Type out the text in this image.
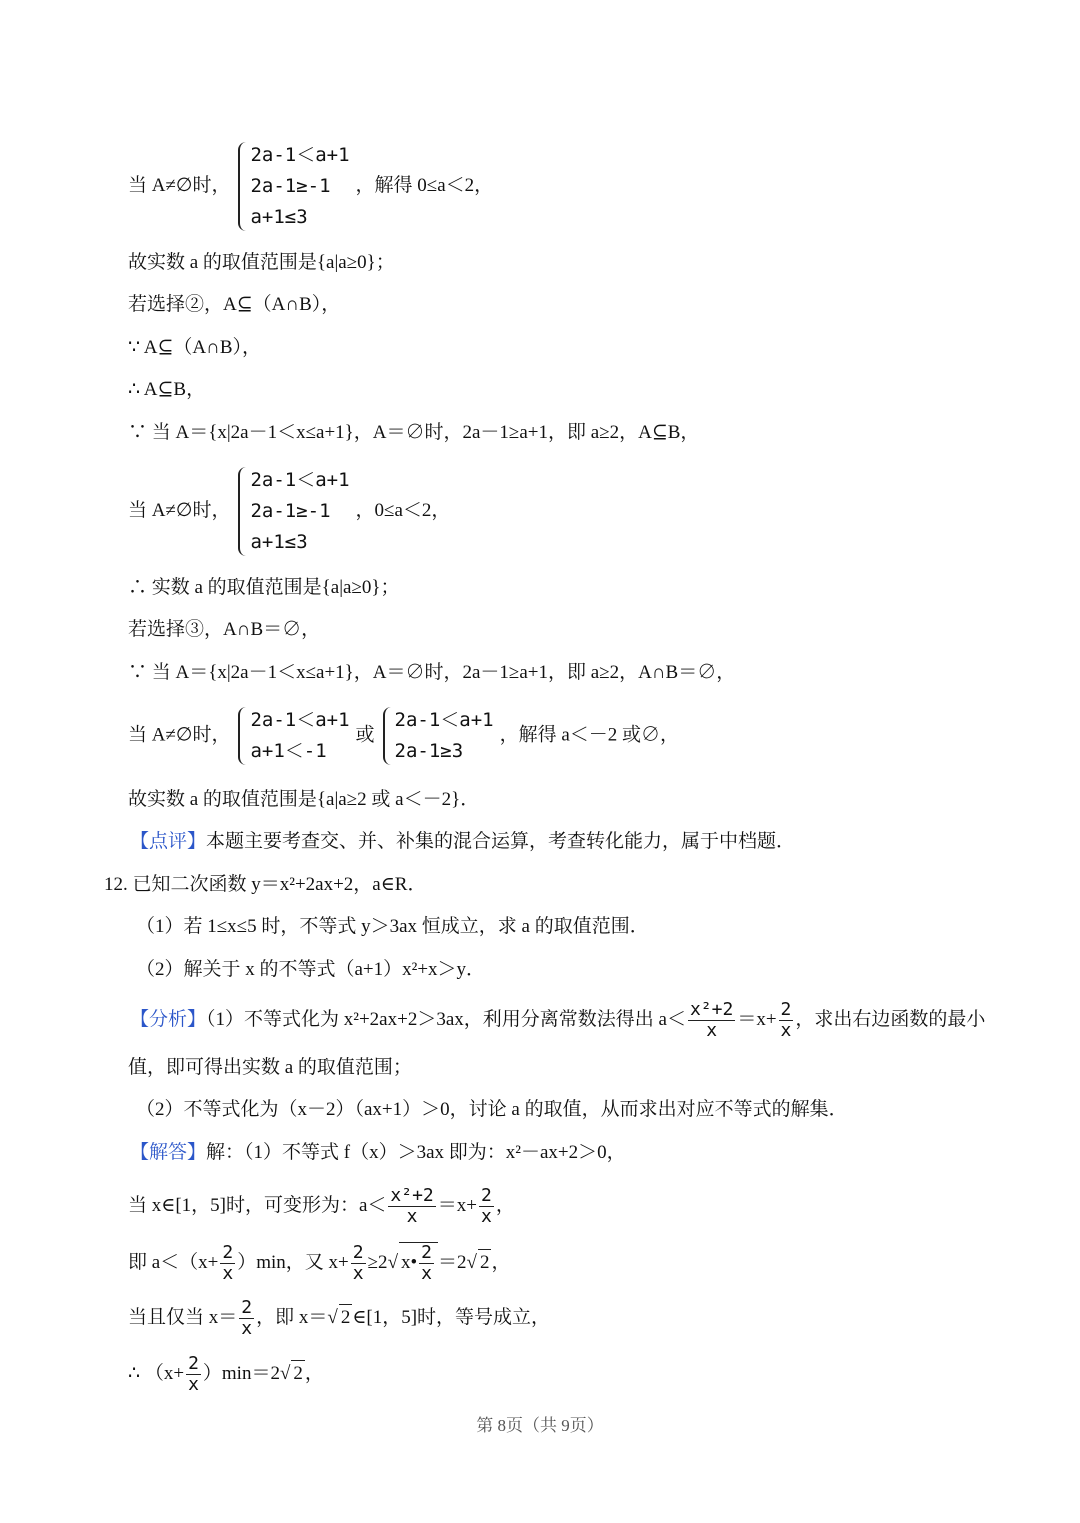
当 A≠∅时，
2a-1＜a+1
2a-1≥-1
a+1≤3
，解得 0≤a＜2，
故实数 a 的取值范围是{a|a≥0}；
若选择②，A⊆（A∩B），
∵ A⊆（A∩B），
∴ A⊆B，
∵ 当 A＝{x|2a－1＜x≤a+1}，A＝∅时，2a－1≥a+1，即 a≥2，A⊆B，
当 A≠∅时，
2a-1＜a+1
2a-1≥-1
a+1≤3
，0≤a＜2，
∴ 实数 a 的取值范围是{a|a≥0}；
若选择③，A∩B＝∅，
∵ 当 A＝{x|2a－1＜x≤a+1}，A＝∅时，2a－1≥a+1，即 a≥2，A∩B＝∅，
当 A≠∅时，
2a-1＜a+1
a+1＜-1
或
2a-1＜a+1
2a-1≥3
，解得 a＜－2 或∅，
故实数 a 的取值范围是{a|a≥2 或 a＜－2}．
【点评】本题主要考查交、并、补集的混合运算，考查转化能力，属于中档题．
12. 已知二次函数 y＝x²+2ax+2，a∈R．
（1）若 1≤x≤5 时，不等式 y＞3ax 恒成立，求 a 的取值范围．
（2）解关于 x 的不等式（a+1）x²+x＞y．
【分析】（1）不等式化为 x²+2ax+2＞3ax，利用分离常数法得出 $a< \frac{\text{x²+2}}{x} =x+ \frac{2}{x}$ ，求出右边函数的最小
值，即可得出实数 a 的取值范围；
（2）不等式化为（x－2）（ax+1）＞0，讨论 a 的取值，从而求出对应不等式的解集．
【解答】解：（1）不等式 f（x）＞3ax 即为：x²－ax+2＞0，
当 x∈[1，5]时，可变形为：$a< \frac{\text{x²+2}}{x} =x+ \frac{2}{x}$ ，
即 $a<(x+ \frac{2}{x} )\min$，又 $x+ \frac{2}{x} \ge 2√$ x• $\frac{2}{x} =2√$ 2 ，
当且仅当 $x= \frac{2}{x}$ ，即 x＝√ 2 ∈[1，5]时，等号成立，
∴ $(x+ \frac{2}{x} )\min=2√$ 2 ，
第 8页（共 9页）
